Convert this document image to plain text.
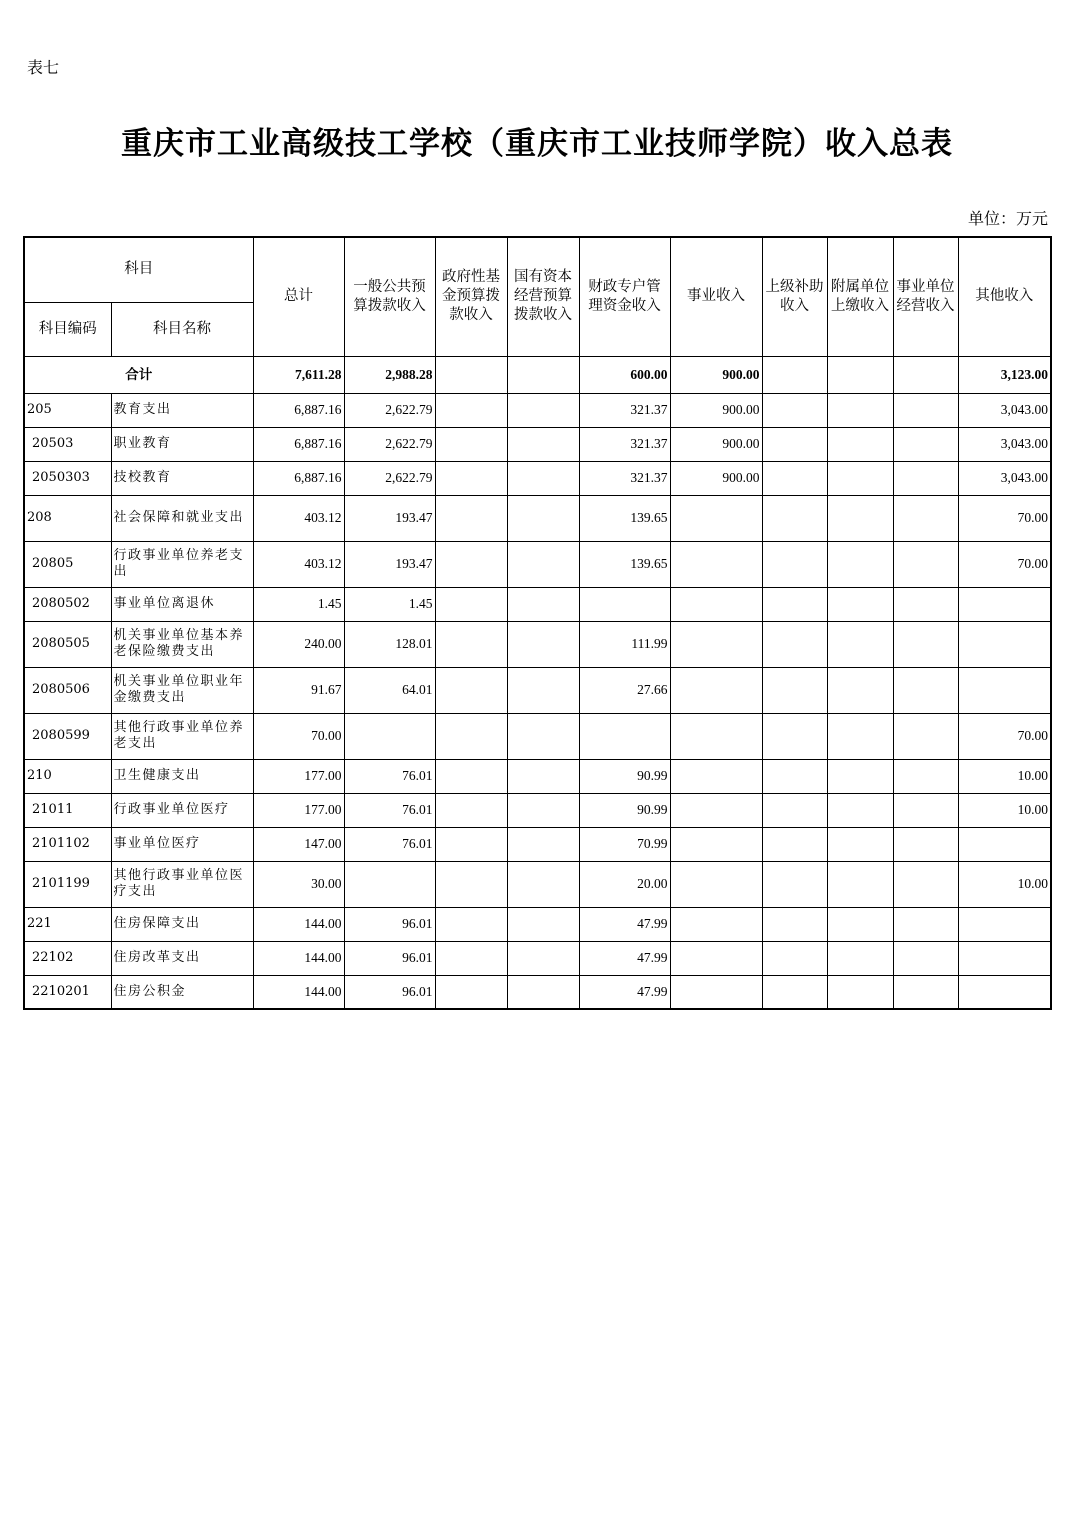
表七
重庆市工业高级技工学校（重庆市工业技师学院）收入总表
单位：万元
科目		总计	一般公共预算拨款收入	政府性基金预算拨款收入	国有资本经营预算拨款收入	财政专户管理资金收入	事业收入	上级补助收入	附属单位上缴收入	事业单位经营收入	其他收入
科目编码	科目名称										
合计		7,611.28	2,988.28			600.00	900.00				3,123.00
205	教育支出	6,887.16	2,622.79			321.37	900.00				3,043.00
20503	职业教育	6,887.16	2,622.79			321.37	900.00				3,043.00
2050303	技校教育	6,887.16	2,622.79			321.37	900.00				3,043.00
208	社会保障和就业支出	403.12	193.47			139.65					70.00
20805	行政事业单位养老支出	403.12	193.47			139.65					70.00
2080502	事业单位离退休	1.45	1.45								
2080505	机关事业单位基本养老保险缴费支出	240.00	128.01			111.99					
2080506	机关事业单位职业年金缴费支出	91.67	64.01			27.66					
2080599	其他行政事业单位养老支出	70.00									70.00
210	卫生健康支出	177.00	76.01			90.99					10.00
21011	行政事业单位医疗	177.00	76.01			90.99					10.00
2101102	事业单位医疗	147.00	76.01			70.99					
2101199	其他行政事业单位医疗支出	30.00				20.00					10.00
221	住房保障支出	144.00	96.01			47.99					
22102	住房改革支出	144.00	96.01			47.99					
2210201	住房公积金	144.00	96.01			47.99					
